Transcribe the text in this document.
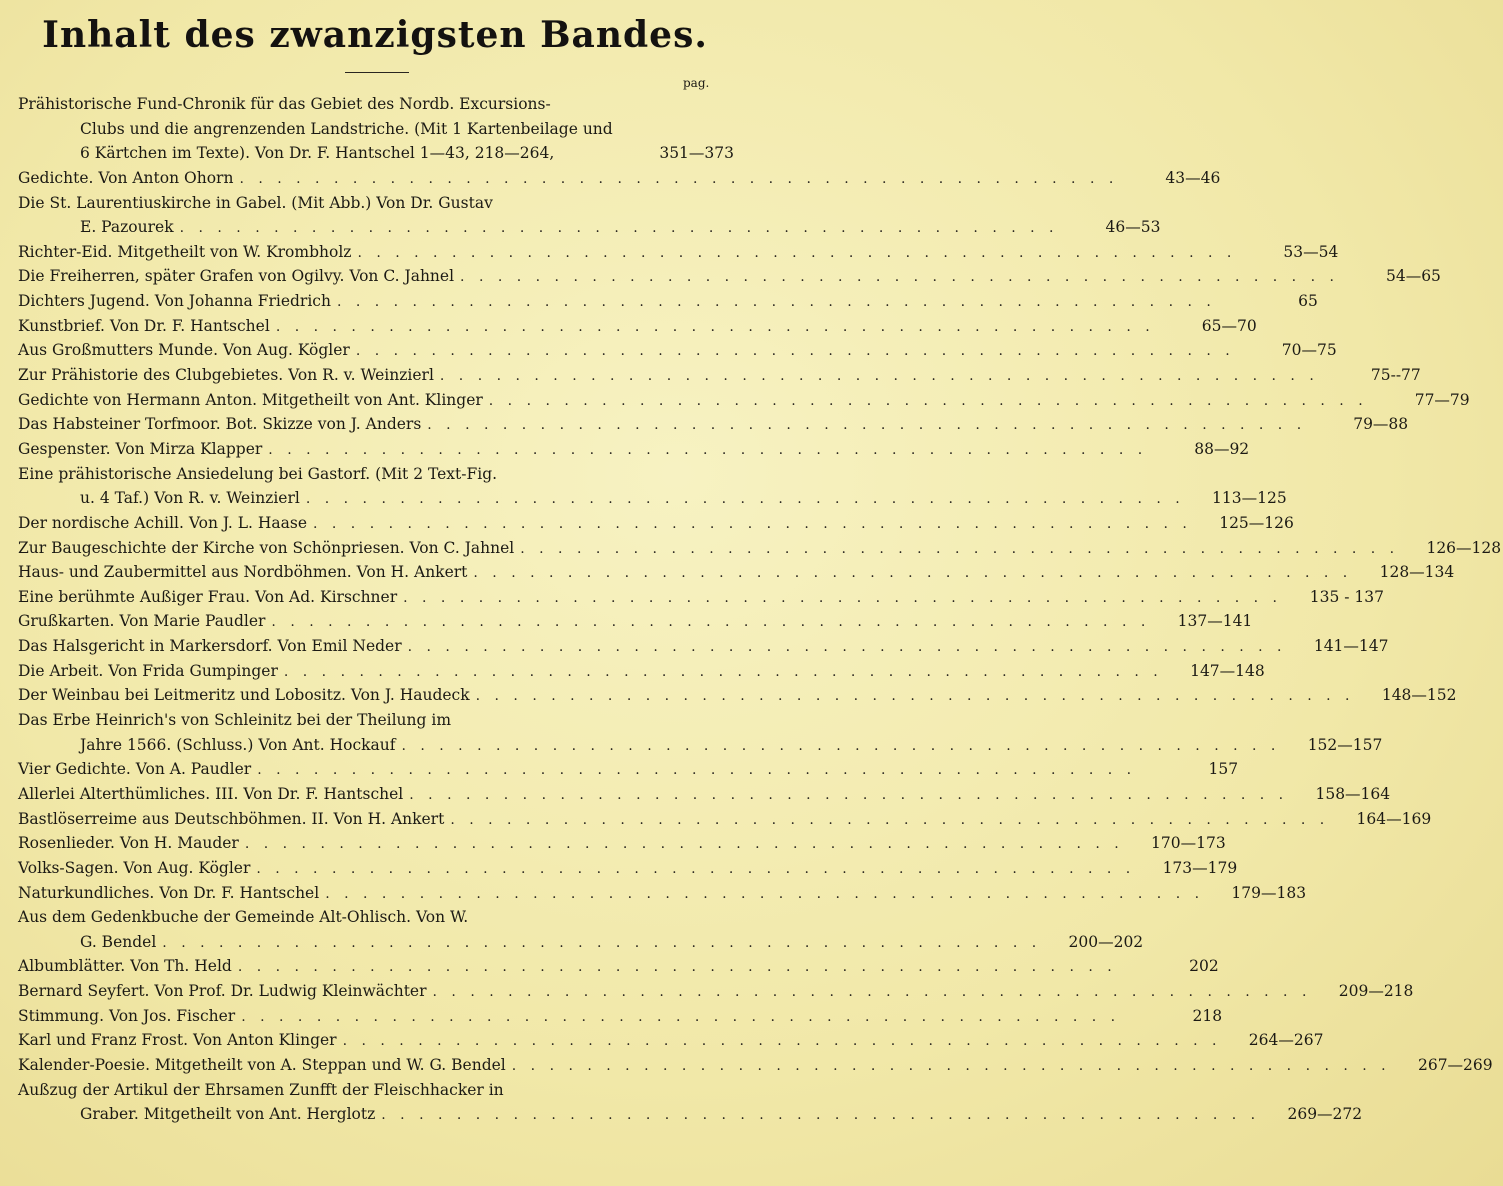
Inhalt des zwanzigsten Bandes.
pag.
Prähistorische Fund-Chronik für das Gebiet des Nordb. Excursions-
Clubs und die angrenzenden Landstriche. (Mit 1 Kartenbeilage und
6 Kärtchen im Texte). Von Dr. F. Hantschel 1—43, 218—264,	351—373
Gedichte. Von Anton Ohorn . . .	43—46
Die St. Laurentiuskirche in Gabel. (Mit Abb.) Von Dr. Gustav
E. Pazourek . . .	46—53
Richter-Eid. Mitgetheilt von W. Krombholz . . .	53—54
Die Freiherren, später Grafen von Ogilvy. Von C. Jahnel . . .	54—65
Dichters Jugend. Von Johanna Friedrich . . .	65
Kunstbrief. Von Dr. F. Hantschel . . .	65—70
Aus Großmutters Munde. Von Aug. Kögler . . .	70—75
Zur Prähistorie des Clubgebietes. Von R. v. Weinzierl . . .	75--77
Gedichte von Hermann Anton. Mitgetheilt von Ant. Klinger . . .	77—79
Das Habsteiner Torfmoor. Bot. Skizze von J. Anders . . .	79—88
Gespenster. Von Mirza Klapper . . .	88—92
Eine prähistorische Ansiedelung bei Gastorf. (Mit 2 Text-Fig.
u. 4 Taf.) Von R. v. Weinzierl . . .	113—125
Der nordische Achill. Von J. L. Haase . . .	125—126
Zur Baugeschichte der Kirche von Schönpriesen. Von C. Jahnel . . .	126—128
Haus- und Zaubermittel aus Nordböhmen. Von H. Ankert . . .	128—134
Eine berühmte Außiger Frau. Von Ad. Kirschner . . .	135 - 137
Grußkarten. Von Marie Paudler . . .	137—141
Das Halsgericht in Markersdorf. Von Emil Neder . . .	141—147
Die Arbeit. Von Frida Gumpinger . . .	147—148
Der Weinbau bei Leitmeritz und Lobositz. Von J. Haudeck . . .	148—152
Das Erbe Heinrich's von Schleinitz bei der Theilung im
Jahre 1566. (Schluss.) Von Ant. Hockauf . . .	152—157
Vier Gedichte. Von A. Paudler . . .	157
Allerlei Alterthümliches. III. Von Dr. F. Hantschel . . .	158—164
Bastlöserreime aus Deutschböhmen. II. Von H. Ankert . . .	164—169
Rosenlieder. Von H. Mauder . . .	170—173
Volks-Sagen. Von Aug. Kögler . . .	173—179
Naturkundliches. Von Dr. F. Hantschel . . .	179—183
Aus dem Gedenkbuche der Gemeinde Alt-Ohlisch. Von W.
G. Bendel . . .	200—202
Albumblätter. Von Th. Held . . .	202
Bernard Seyfert. Von Prof. Dr. Ludwig Kleinwächter . . .	209—218
Stimmung. Von Jos. Fischer . . .	218
Karl und Franz Frost. Von Anton Klinger . . .	264—267
Kalender-Poesie. Mitgetheilt von A. Steppan und W. G. Bendel . . .	267—269
Außzug der Artikul der Ehrsamen Zunfft der Fleischhacker in
Graber. Mitgetheilt von Ant. Herglotz . . .	269—272
